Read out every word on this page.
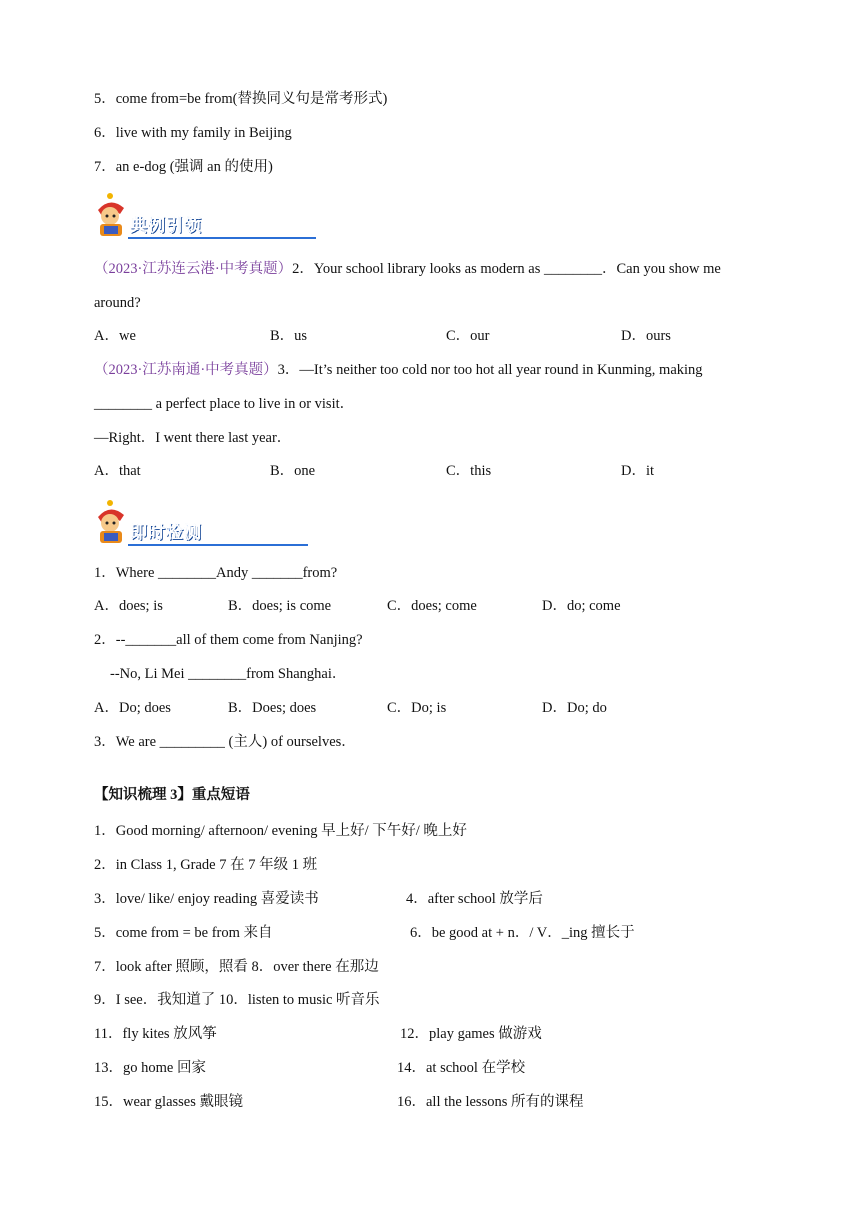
5．come from=be from(替换同义句是常考形式)
6．live with my family in Beijing
7．an e-dog (强调 an 的使用)
典例引领
（2023·江苏连云港·中考真题）2．Your school library looks as modern as ________．Can you show me
around?
A．we	B．us	C．our	D．ours
（2023·江苏南通·中考真题）3．—It’s neither too cold nor too hot all year round in Kunming, making
________ a perfect place to live in or visit．
—Right．I went there last year．
A．that	B．one	C．this	D．it
即时检测
1．Where ________Andy _______from?
A．does; is	B．does; is come	C．does; come	D．do; come
2．--_______all of them come from Nanjing?
--No, Li Mei ________from Shanghai．
A．Do; does	B．Does; does	C．Do; is	D．Do; do
3．We are _________ (主人) of ourselves．
【知识梳理 3】重点短语
1．Good morning/ afternoon/ evening 早上好/ 下午好/ 晚上好
2．in Class 1, Grade 7 在 7 年级 1 班
3．love/ like/ enjoy reading 喜爱读书	4．after school 放学后
5．come from = be from 来自	6．be good at + n．/ V．_ing 擅长于
7．look after 照顾，照看 8．over there 在那边
9．I see．我知道了 10．listen to music 听音乐
11．fly kites 放风筝	12．play games 做游戏
13．go home 回家	14．at school 在学校
15．wear glasses 戴眼镜	16．all the lessons 所有的课程
